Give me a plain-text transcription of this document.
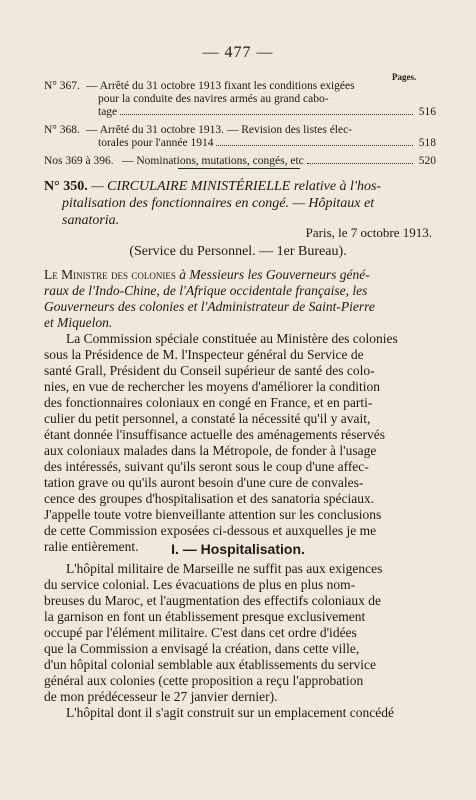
— 477 —
Pages.
N° 367. — Arrêté du 31 octobre 1913 fixant les conditions exigées
pour la conduite des navires armés au grand cabo-
tage	516
N° 368. — Arrêté du 31 octobre 1913. — Revision des listes élec-
torales pour l'année 1914	518
Nos 369 à 396. — Nominations, mutations, congés, etc	520
N° 350. — CIRCULAIRE MINISTÉRIELLE relative à l'hos-
pitalisation des fonctionnaires en congé. — Hôpitaux et
sanatoria.
Paris, le 7 octobre 1913.
(Service du Personnel. — 1er Bureau).
Le Ministre des colonies à Messieurs les Gouverneurs géné-
raux de l'Indo-Chine, de l'Afrique occidentale française, les
Gouverneurs des colonies et l'Administrateur de Saint-Pierre
et Miquelon.
La Commission spéciale constituée au Ministère des colonies
sous la Présidence de M. l'Inspecteur général du Service de
santé Grall, Président du Conseil supérieur de santé des colo-
nies, en vue de rechercher les moyens d'améliorer la condition
des fonctionnaires coloniaux en congé en France, et en parti-
culier du petit personnel, a constaté la nécessité qu'il y avait,
étant donnée l'insuffisance actuelle des aménagements réservés
aux coloniaux malades dans la Métropole, de fonder à l'usage
des intéressés, suivant qu'ils seront sous le coup d'une affec-
tation grave ou qu'ils auront besoin d'une cure de convales-
cence des groupes d'hospitalisation et des sanatoria spéciaux.
J'appelle toute votre bienveillante attention sur les conclusions
de cette Commission exposées ci-dessous et auxquelles je me
ralie entièrement.	I. — Hospitalisation.
L'hôpital militaire de Marseille ne suffit pas aux exigences
du service colonial. Les évacuations de plus en plus nom-
breuses du Maroc, et l'augmentation des effectifs coloniaux de
la garnison en font un établissement presque exclusivement
occupé par l'élément militaire. C'est dans cet ordre d'idées
que la Commission a envisagé la création, dans cette ville,
d'un hôpital colonial semblable aux établissements du service
général aux colonies (cette proposition a reçu l'approbation
de mon prédécesseur le 27 janvier dernier).
L'hôpital dont il s'agit construit sur un emplacement concédé
